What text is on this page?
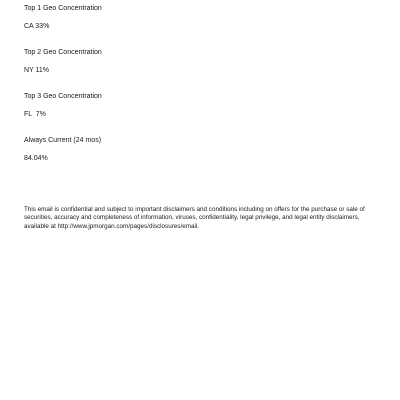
Top 1 Geo Concentration
CA 33%
Top 2 Geo Concentration
NY 11%
Top 3 Geo Concentration
FL  7%
Always Current (24 mos)
84.04%
This email is confidential and subject to important disclaimers and conditions including on offers for the purchase or sale of securities, accuracy and completeness of information, viruses, confidentiality, legal privilege, and legal entity disclaimers, available at http://www.jpmorgan.com/pages/disclosures/email.
